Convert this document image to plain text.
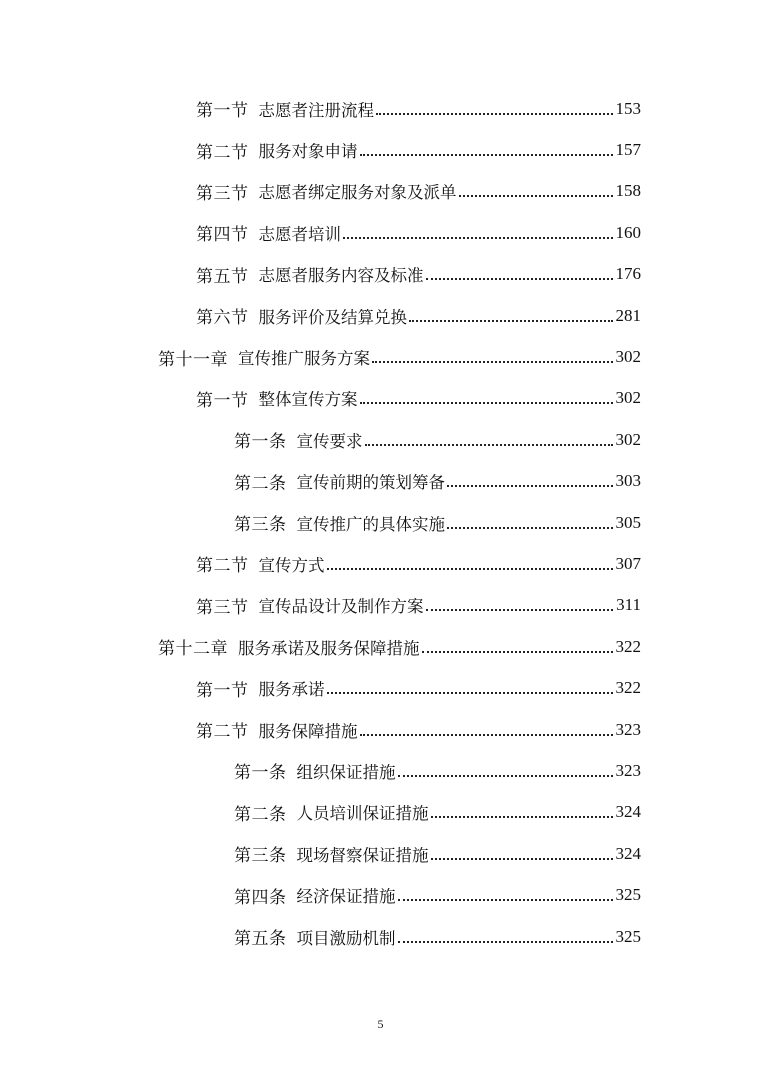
第一节 志愿者注册流程	153
第二节 服务对象申请	157
第三节 志愿者绑定服务对象及派单	158
第四节 志愿者培训	160
第五节 志愿者服务内容及标准	176
第六节 服务评价及结算兑换	281
第十一章 宣传推广服务方案	302
第一节 整体宣传方案	302
第一条 宣传要求	302
第二条 宣传前期的策划筹备	303
第三条 宣传推广的具体实施	305
第二节 宣传方式	307
第三节 宣传品设计及制作方案	311
第十二章 服务承诺及服务保障措施	322
第一节 服务承诺	322
第二节 服务保障措施	323
第一条 组织保证措施	323
第二条 人员培训保证措施	324
第三条 现场督察保证措施	324
第四条 经济保证措施	325
第五条 项目激励机制	325
5
